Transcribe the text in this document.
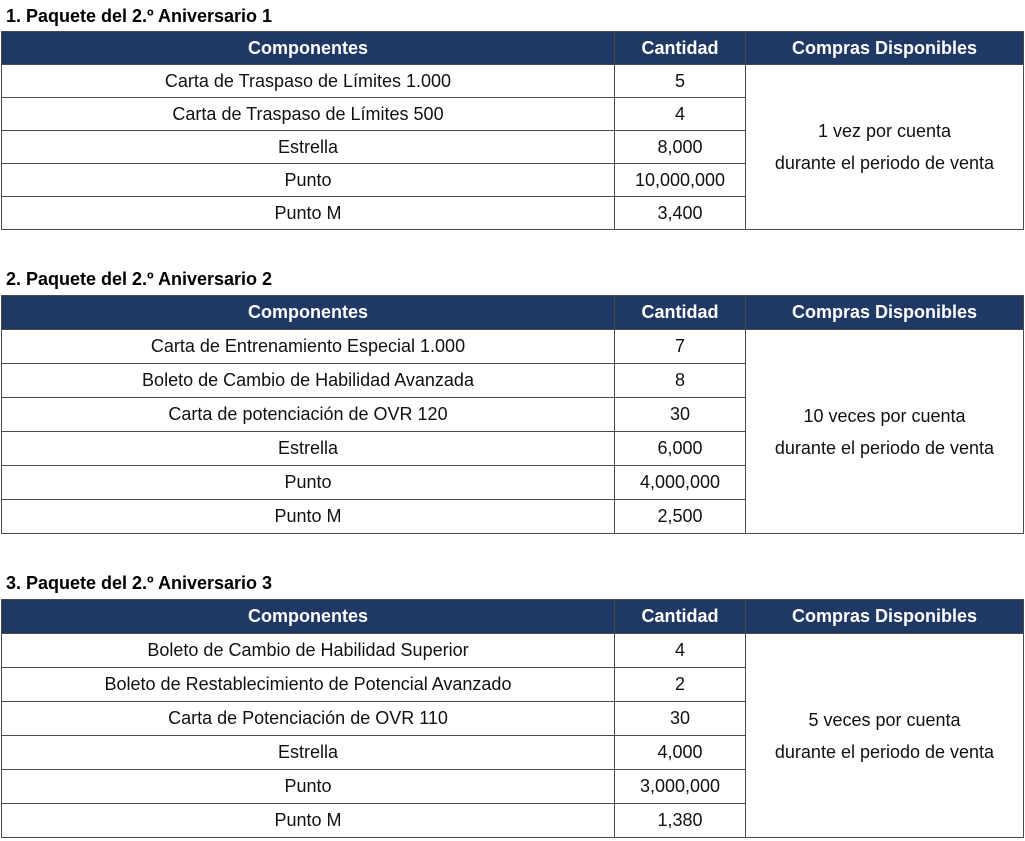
1. Paquete del 2.º Aniversario 1
Componentes	Cantidad	Compras Disponibles
Carta de Traspaso de Límites 1.000	5	1 vez por cuenta
durante el periodo de venta
Carta de Traspaso de Límites 500	4	
Estrella	8,000	
Punto	10,000,000	
Punto M	3,400	
2. Paquete del 2.º Aniversario 2
Componentes	Cantidad	Compras Disponibles
Carta de Entrenamiento Especial 1.000	7	10 veces por cuenta
durante el periodo de venta
Boleto de Cambio de Habilidad Avanzada	8	
Carta de potenciación de OVR 120	30	
Estrella	6,000	
Punto	4,000,000	
Punto M	2,500	
3. Paquete del 2.º Aniversario 3
Componentes	Cantidad	Compras Disponibles
Boleto de Cambio de Habilidad Superior	4	5 veces por cuenta
durante el periodo de venta
Boleto de Restablecimiento de Potencial Avanzado	2	
Carta de Potenciación de OVR 110	30	
Estrella	4,000	
Punto	3,000,000	
Punto M	1,380	
